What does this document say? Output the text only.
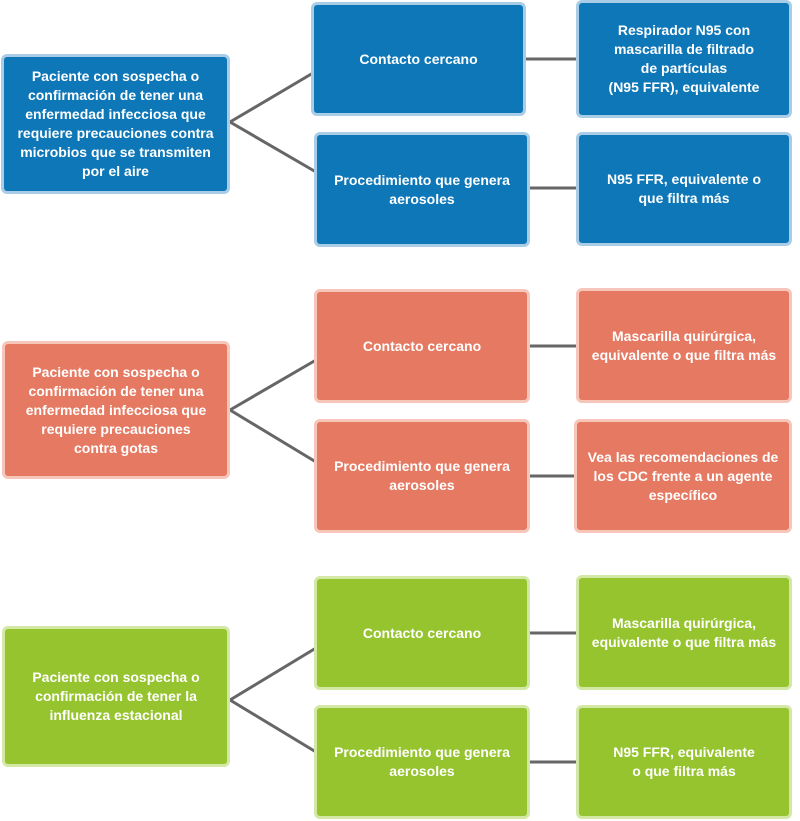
Paciente con sospecha o
confirmación de tener una
enfermedad infecciosa que
requiere precauciones contra
microbios que se transmiten
por el aire
Contacto cercano
Procedimiento que genera
aerosoles
Respirador N95 con
mascarilla de filtrado
de partículas
(N95 FFR), equivalente
N95 FFR, equivalente o
que filtra más
Paciente con sospecha o
confirmación de tener una
enfermedad infecciosa que
requiere precauciones
contra gotas
Contacto cercano
Procedimiento que genera
aerosoles
Mascarilla quirúrgica,
equivalente o que filtra más
Vea las recomendaciones de
los CDC frente a un agente
específico
Paciente con sospecha o
confirmación de tener la
influenza estacional
Contacto cercano
Procedimiento que genera
aerosoles
Mascarilla quirúrgica,
equivalente o que filtra más
N95 FFR, equivalente
o que filtra más
